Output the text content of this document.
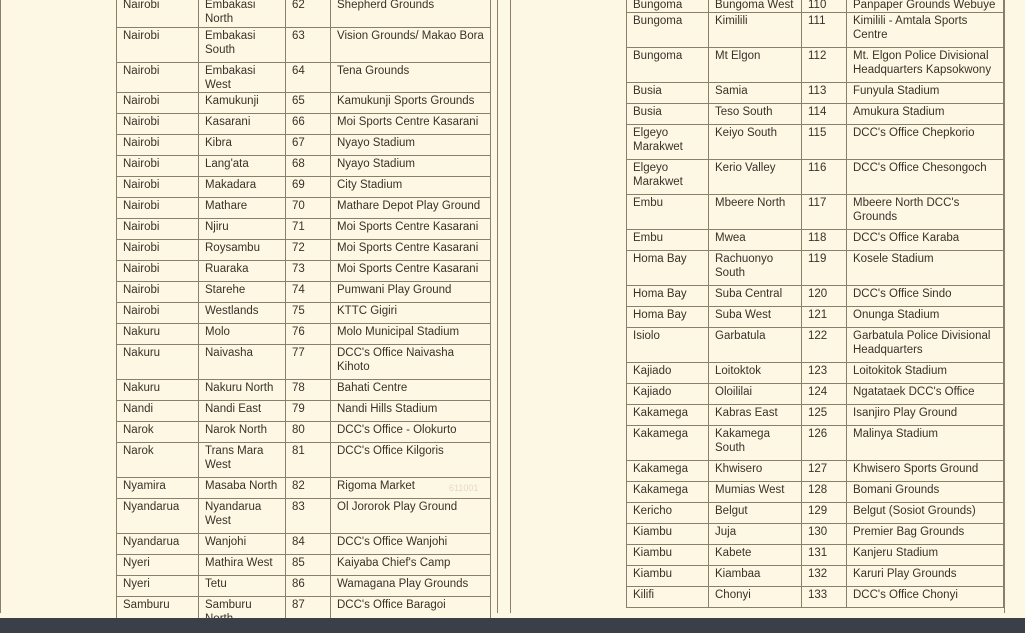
Nairobi	Embakasi North	62	Shepherd Grounds
Nairobi	Embakasi South	63	Vision Grounds/ Makao Bora
Nairobi	Embakasi West	64	Tena Grounds
Nairobi	Kamukunji	65	Kamukunji Sports Grounds
Nairobi	Kasarani	66	Moi Sports Centre Kasarani
Nairobi	Kibra	67	Nyayo Stadium
Nairobi	Lang'ata	68	Nyayo Stadium
Nairobi	Makadara	69	City Stadium
Nairobi	Mathare	70	Mathare Depot Play Ground
Nairobi	Njiru	71	Moi Sports Centre Kasarani
Nairobi	Roysambu	72	Moi Sports Centre Kasarani
Nairobi	Ruaraka	73	Moi Sports Centre Kasarani
Nairobi	Starehe	74	Pumwani Play Ground
Nairobi	Westlands	75	KTTC Gigiri
Nakuru	Molo	76	Molo Municipal Stadium
Nakuru	Naivasha	77	DCC's Office Naivasha Kihoto
Nakuru	Nakuru North	78	Bahati Centre
Nandi	Nandi East	79	Nandi Hills Stadium
Narok	Narok North	80	DCC's Office - Olokurto
Narok	Trans Mara West	81	DCC's Office Kilgoris
Nyamira	Masaba North	82	Rigoma Market
Nyandarua	Nyandarua West	83	Ol Jororok Play Ground
Nyandarua	Wanjohi	84	DCC's Office Wanjohi
Nyeri	Mathira West	85	Kaiyaba Chief's Camp
Nyeri	Tetu	86	Wamagana Play Grounds
Samburu	Samburu	87	DCC's Office Baragoi
Bungoma	Bungoma West	110	Panpaper Grounds Webuye
Bungoma	Kimilili	111	Kimilili - Amtala Sports Centre
Bungoma	Mt Elgon	112	Mt. Elgon Police Divisional Headquarters Kapsokwony
Busia	Samia	113	Funyula Stadium
Busia	Teso South	114	Amukura Stadium
Elgeyo Marakwet	Keiyo South	115	DCC's Office Chepkorio
Elgeyo Marakwet	Kerio Valley	116	DCC's Office Chesongoch
Embu	Mbeere North	117	Mbeere North DCC's Grounds
Embu	Mwea	118	DCC's Office Karaba
Homa Bay	Rachuonyo South	119	Kosele Stadium
Homa Bay	Suba Central	120	DCC's Office Sindo
Homa Bay	Suba West	121	Onunga Stadium
Isiolo	Garbatula	122	Garbatula Police Divisional Headquarters
Kajiado	Loitoktok	123	Loitokitok Stadium
Kajiado	Oloililai	124	Ngatataek DCC's Office
Kakamega	Kabras East	125	Isanjiro Play Ground
Kakamega	Kakamega South	126	Malinya Stadium
Kakamega	Khwisero	127	Khwisero Sports Ground
Kakamega	Mumias West	128	Bomani Grounds
Kericho	Belgut	129	Belgut (Sosiot Grounds)
Kiambu	Juja	130	Premier Bag Grounds
Kiambu	Kabete	131	Kanjeru Stadium
Kiambu	Kiambaa	132	Karuri Play Grounds
Kilifi	Chonyi	133	DCC's Office Chonyi
611001
